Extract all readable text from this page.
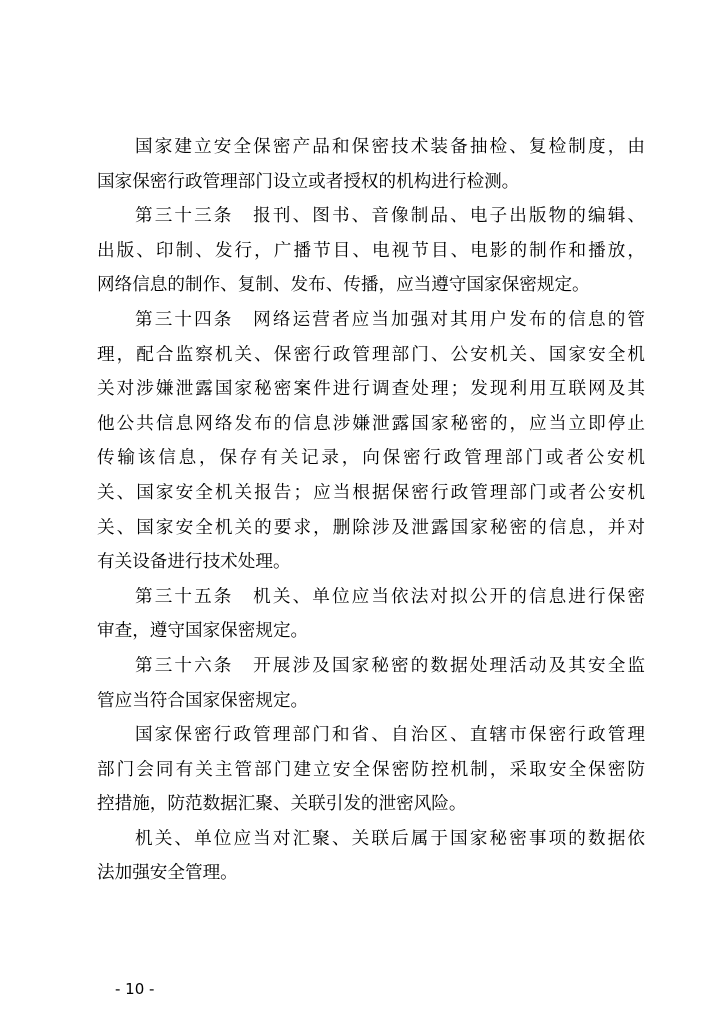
国家建立安全保密产品和保密技术装备抽检、复检制度，由
国家保密行政管理部门设立或者授权的机构进行检测。
第三十三条　报刊、图书、音像制品、电子出版物的编辑、
出版、印制、发行，广播节目、电视节目、电影的制作和播放，
网络信息的制作、复制、发布、传播，应当遵守国家保密规定。
第三十四条　网络运营者应当加强对其用户发布的信息的管
理，配合监察机关、保密行政管理部门、公安机关、国家安全机
关对涉嫌泄露国家秘密案件进行调查处理；发现利用互联网及其
他公共信息网络发布的信息涉嫌泄露国家秘密的，应当立即停止
传输该信息，保存有关记录，向保密行政管理部门或者公安机
关、国家安全机关报告；应当根据保密行政管理部门或者公安机
关、国家安全机关的要求，删除涉及泄露国家秘密的信息，并对
有关设备进行技术处理。
第三十五条　机关、单位应当依法对拟公开的信息进行保密
审查，遵守国家保密规定。
第三十六条　开展涉及国家秘密的数据处理活动及其安全监
管应当符合国家保密规定。
国家保密行政管理部门和省、自治区、直辖市保密行政管理
部门会同有关主管部门建立安全保密防控机制，采取安全保密防
控措施，防范数据汇聚、关联引发的泄密风险。
机关、单位应当对汇聚、关联后属于国家秘密事项的数据依
法加强安全管理。
- 10 -
